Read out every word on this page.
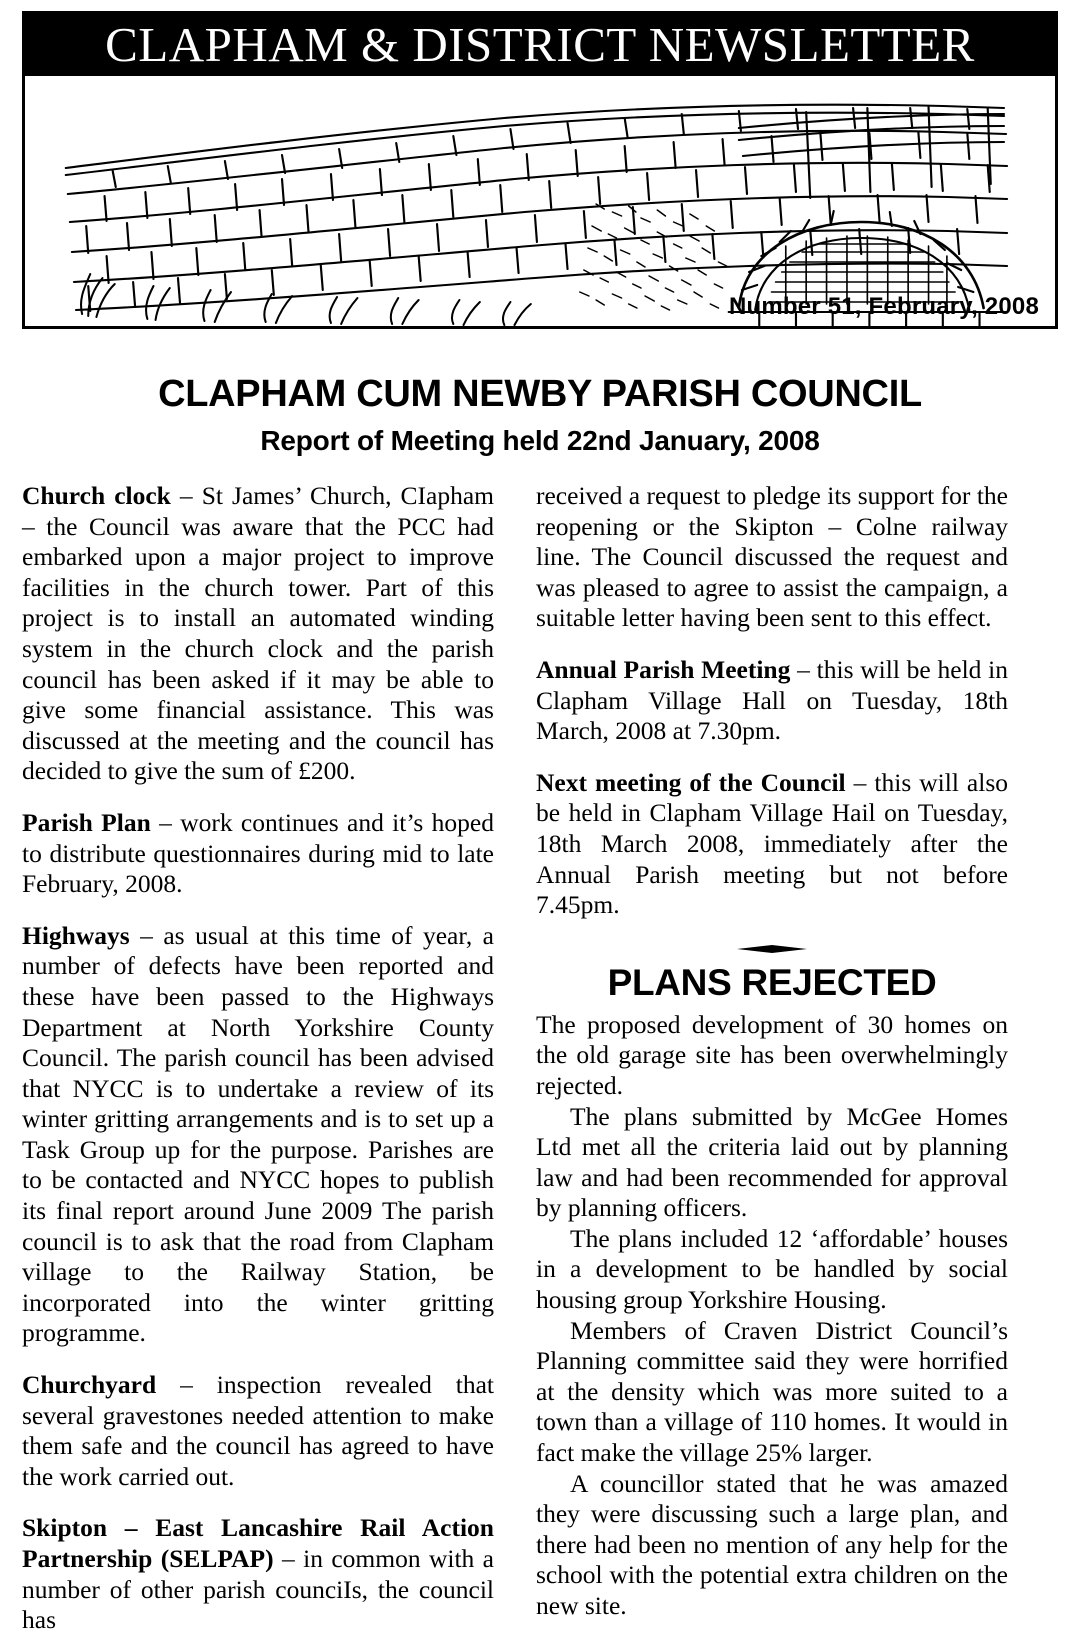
CLAPHAM & DISTRICT NEWSLETTER
Number 51, February, 2008
CLAPHAM CUM NEWBY PARISH COUNCIL
Report of Meeting held 22nd January, 2008

Church clock – St James’ Church, CIapham – the Council was aware that the PCC had embarked upon a major project to improve facilities in the church tower. Part of this project is to install an automated winding system in the church clock and the parish council has been asked if it may be able to give some financial assistance. This was discussed at the meeting and the council has decided to give the sum of £200.

Parish Plan – work continues and it’s hoped to distribute questionnaires during mid to late February, 2008.

Highways – as usual at this time of year, a number of defects have been reported and these have been passed to the Highways Department at North Yorkshire County Council. The parish council has been advised that NYCC is to undertake a review of its winter gritting arrangements and is to set up a Task Group up for the purpose. Parishes are to be contacted and NYCC hopes to publish its final report around June 2009 The parish council is to ask that the road from Clapham village to the Railway Station, be incorporated into the winter gritting programme.

Churchyard – inspection revealed that several gravestones needed attention to make them safe and the council has agreed to have the work carried out.

Skipton – East Lancashire Rail Action Partnership (SELPAP) – in common with a number of other parish counciIs, the council has

received a request to pledge its support for the reopening or the Skipton – Colne railway line. The Council discussed the request and was pleased to agree to assist the campaign, a suitable letter having been sent to this effect.

Annual Parish Meeting – this will be held in Clapham Village Hall on Tuesday, 18th March, 2008 at 7.30pm.

Next meeting of the Council – this will also be held in Clapham Village Hail on Tuesday, 18th March 2008, immediately after the Annual Parish meeting but not before 7.45pm.

PLANS REJECTED

The proposed development of 30 homes on the old garage site has been overwhelmingly rejected.

The plans submitted by McGee Homes Ltd met all the criteria laid out by planning law and had been recommended for approval by planning officers.

The plans included 12 ‘affordable’ houses in a development to be handled by social housing group Yorkshire Housing.

Members of Craven District Council’s Planning committee said they were horrified at the density which was more suited to a town than a village of 110 homes. It would in fact make the village 25% larger.

A councillor stated that he was amazed they were discussing such a large plan, and there had been no mention of any help for the school with the potential extra children on the new site.
